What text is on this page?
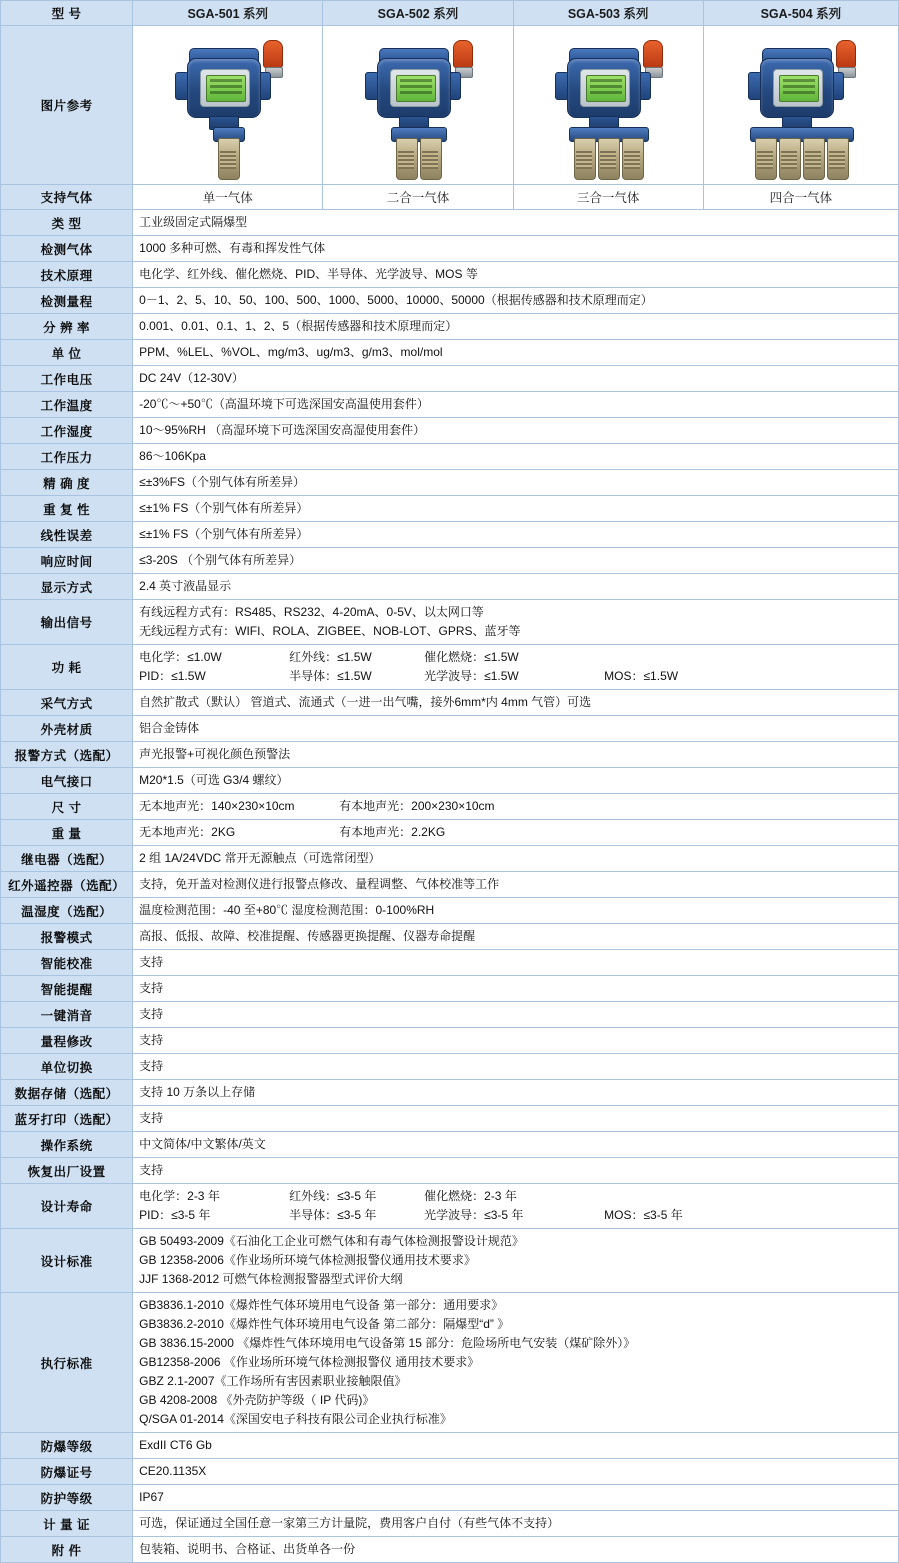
型 号	SGA-501 系列	SGA-502 系列	SGA-503 系列	SGA-504 系列
图片参考	

支持气体	单一气体	二合一气体	三合一气体	四合一气体
类 型	工业级固定式隔爆型			

检测气体	1000 多种可燃、有毒和挥发性气体			

技术原理	电化学、红外线、催化燃烧、PID、半导体、光学波导、MOS 等			

检测量程	0－1、2、5、10、50、100、500、1000、5000、10000、50000（根据传感器和技术原理而定）			

分 辨 率	0.001、0.01、0.1、1、2、5（根据传感器和技术原理而定）			

单 位	PPM、%LEL、%VOL、mg/m3、ug/m3、g/m3、mol/mol			

工作电压	DC 24V（12-30V）			

工作温度	-20℃～+50℃（高温环境下可选深国安高温使用套件）			

工作湿度	10～95%RH （高湿环境下可选深国安高湿使用套件）			

工作压力	86～106Kpa			

精 确 度	≤±3%FS（个别气体有所差异）			

重 复 性	≤±1% FS（个别气体有所差异）			

线性误差	≤±1% FS（个别气体有所差异）			

响应时间	≤3-20S （个别气体有所差异）			

显示方式	2.4 英寸液晶显示			

输出信号	有线远程方式有：RS485、RS232、4-20mA、0-5V、以太网口等
无线远程方式有：WIFI、ROLA、ZIGBEE、NOB-LOT、GPRS、蓝牙等			

功 耗	
电化学：≤1.0W	红外线：≤1.5W	催化燃烧：≤1.5W
PID：≤1.5W	半导体：≤1.5W	光学波导：≤1.5W	MOS：≤1.5W

采气方式	自然扩散式（默认） 管道式、流通式（一进一出气嘴，接外6mm*内 4mm 气管）可选			

外壳材质	铝合金铸体			

报警方式（选配）	声光报警+可视化颜色预警法			

电气接口	M20*1.5（可选 G3/4 螺纹）			

尺 寸	无本地声光：140×230×10cm 有本地声光：200×230×10cm			

重 量	无本地声光：2KG 有本地声光：2.2KG			

继电器（选配）	2 组 1A/24VDC 常开无源触点（可选常闭型）			

红外遥控器（选配）	支持，免开盖对检测仪进行报警点修改、量程调整、气体校准等工作			

温湿度（选配）	温度检测范围：-40 至+80℃ 湿度检测范围：0-100%RH			

报警模式	高报、低报、故障、校准提醒、传感器更换提醒、仪器寿命提醒			

智能校准	支持			

智能提醒	支持			

一键消音	支持			

量程修改	支持			

单位切换	支持			

数据存储（选配）	支持 10 万条以上存储			

蓝牙打印（选配）	支持			

操作系统	中文简体/中文繁体/英文			

恢复出厂设置	支持			

设计寿命	
电化学：2-3 年	红外线：≤3-5 年	催化燃烧：2-3 年
PID：≤3-5 年	半导体：≤3-5 年	光学波导：≤3-5 年	MOS：≤3-5 年

设计标准	GB 50493-2009《石油化工企业可燃气体和有毒气体检测报警设计规范》
GB 12358-2006《作业场所环境气体检测报警仪通用技术要求》
JJF 1368-2012 可燃气体检测报警器型式评价大纲			

执行标准	
GB3836.1-2010《爆炸性气体环境用电气设备 第一部分：通用要求》
GB3836.2-2010《爆炸性气体环境用电气设备 第二部分：隔爆型“d” 》
GB 3836.15-2000 《爆炸性气体环境用电气设备第 15 部分：危险场所电气安装（煤矿除外）》
GB12358-2006 《作业场所环境气体检测报警仪 通用技术要求》
GBZ 2.1-2007《工作场所有害因素职业接触限值》
GB 4208-2008 《外壳防护等级（ IP 代码)》
Q/SGA 01-2014《深国安电子科技有限公司企业执行标准》

防爆等级	ExdII CT6 Gb			

防爆证号	CE20.1135X			

防护等级	IP67			

计 量 证	可选，保证通过全国任意一家第三方计量院，费用客户自付（有些气体不支持）			

附 件	包装箱、说明书、合格证、出货单各一份			
